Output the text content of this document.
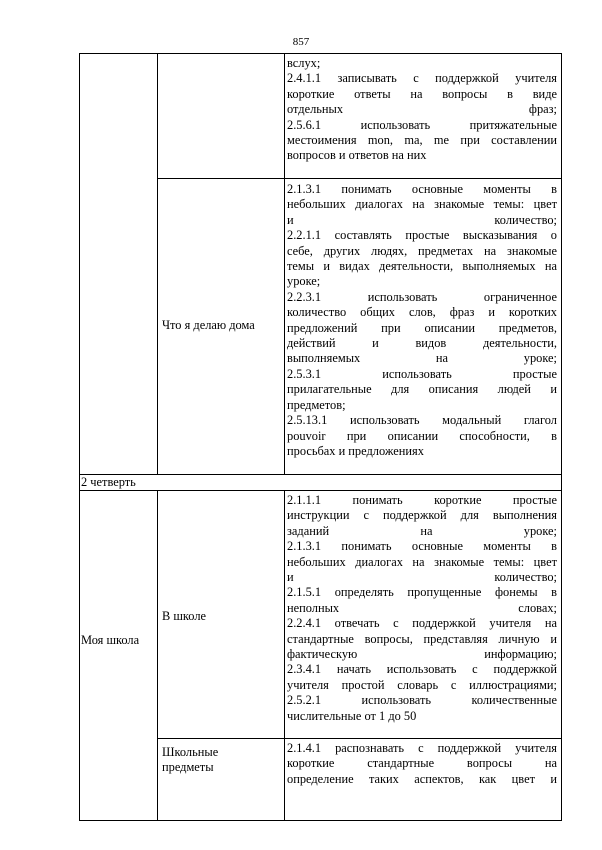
857
вслух;
2.4.1.1 записывать с поддержкой учителя
короткие ответы на вопросы в виде
отдельных фраз;
2.5.6.1 использовать притяжательные
местоимения mon, ma, me при составлении
вопросов и ответов на них
Что я делаю дома
2.1.3.1 понимать основные моменты в
небольших диалогах на знакомые темы: цвет
и количество;
2.2.1.1 составлять простые высказывания о
себе, других людях, предметах на знакомые
темы и видах деятельности, выполняемых на
уроке;
2.2.3.1 использовать ограниченное
количество общих слов, фраз и коротких
предложений при описании предметов,
действий и видов деятельности,
выполняемых на уроке;
2.5.3.1 использовать простые
прилагательные для описания людей и
предметов;
2.5.13.1 использовать модальный глагол
pouvoir при описании способности, в
просьбах и предложениях
2 четверть
Моя школа
В школе
2.1.1.1 понимать короткие простые
инструкции с поддержкой для выполнения
заданий на уроке;
2.1.3.1 понимать основные моменты в
небольших диалогах на знакомые темы: цвет
и количество;
2.1.5.1 определять пропущенные фонемы в
неполных словах;
2.2.4.1 отвечать с поддержкой учителя на
стандартные вопросы, представляя личную и
фактическую информацию;
2.3.4.1 начать использовать с поддержкой
учителя простой словарь с иллюстрациями;
2.5.2.1 использовать количественные
числительные от 1 до 50
Школьные предметы
2.1.4.1 распознавать с поддержкой учителя
короткие стандартные вопросы на
определение таких аспектов, как цвет и
